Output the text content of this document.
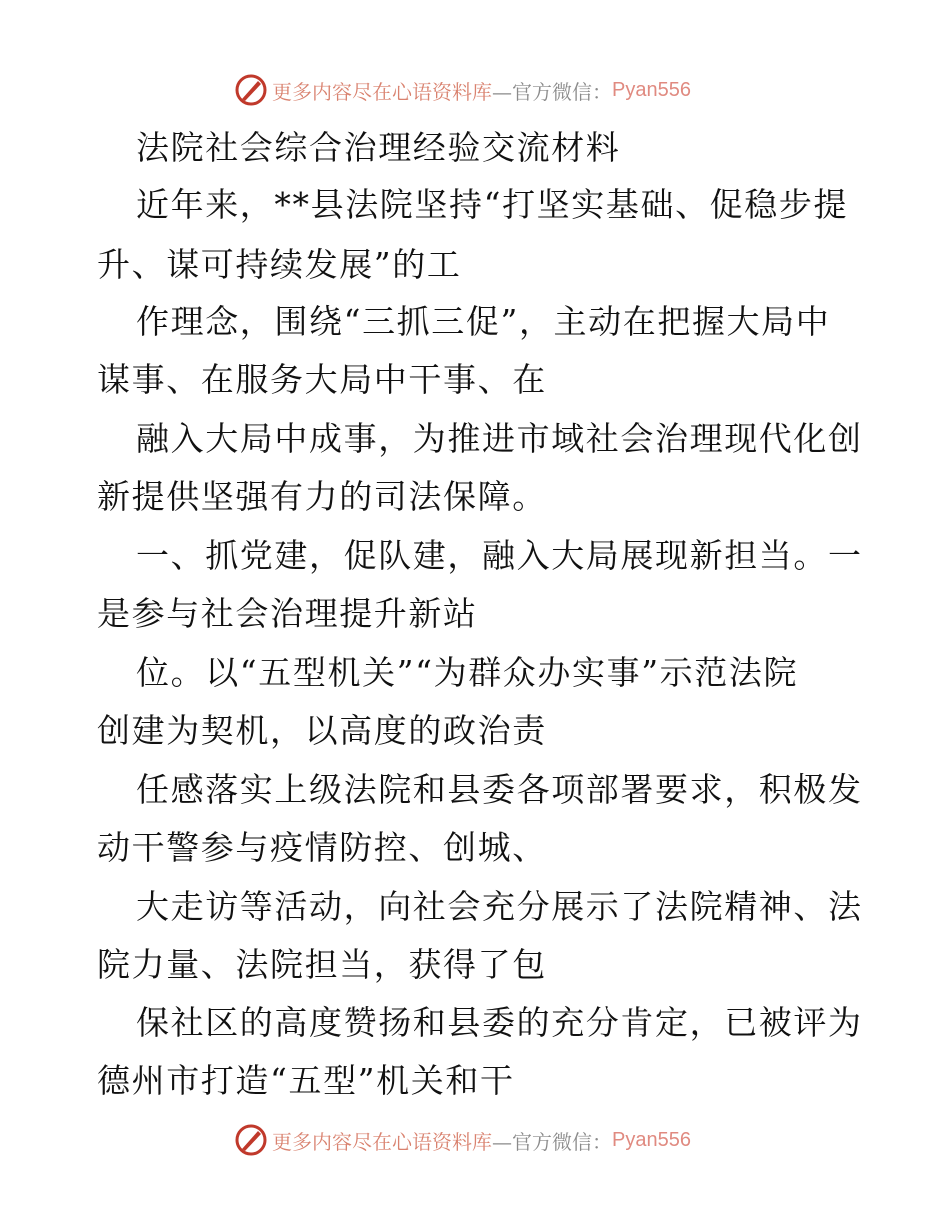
更多内容尽在心语资料库 —官方微信： Pyan556
法院社会综合治理经验交流材料
近年来，**县法院坚持“打坚实基础、促稳步提
升、谋可持续发展”的工
作理念，围绕“三抓三促”，主动在把握大局中
谋事、在服务大局中干事、在
融入大局中成事，为推进市域社会治理现代化创
新提供坚强有力的司法保障。
一、抓党建，促队建，融入大局展现新担当。一
是参与社会治理提升新站
位。以“五型机关”“为群众办实事”示范法院
创建为契机，以高度的政治责
任感落实上级法院和县委各项部署要求，积极发
动干警参与疫情防控、创城、
大走访等活动，向社会充分展示了法院精神、法
院力量、法院担当，获得了包
保社区的高度赞扬和县委的充分肯定，已被评为
德州市打造“五型”机关和干
更多内容尽在心语资料库 —官方微信： Pyan556
